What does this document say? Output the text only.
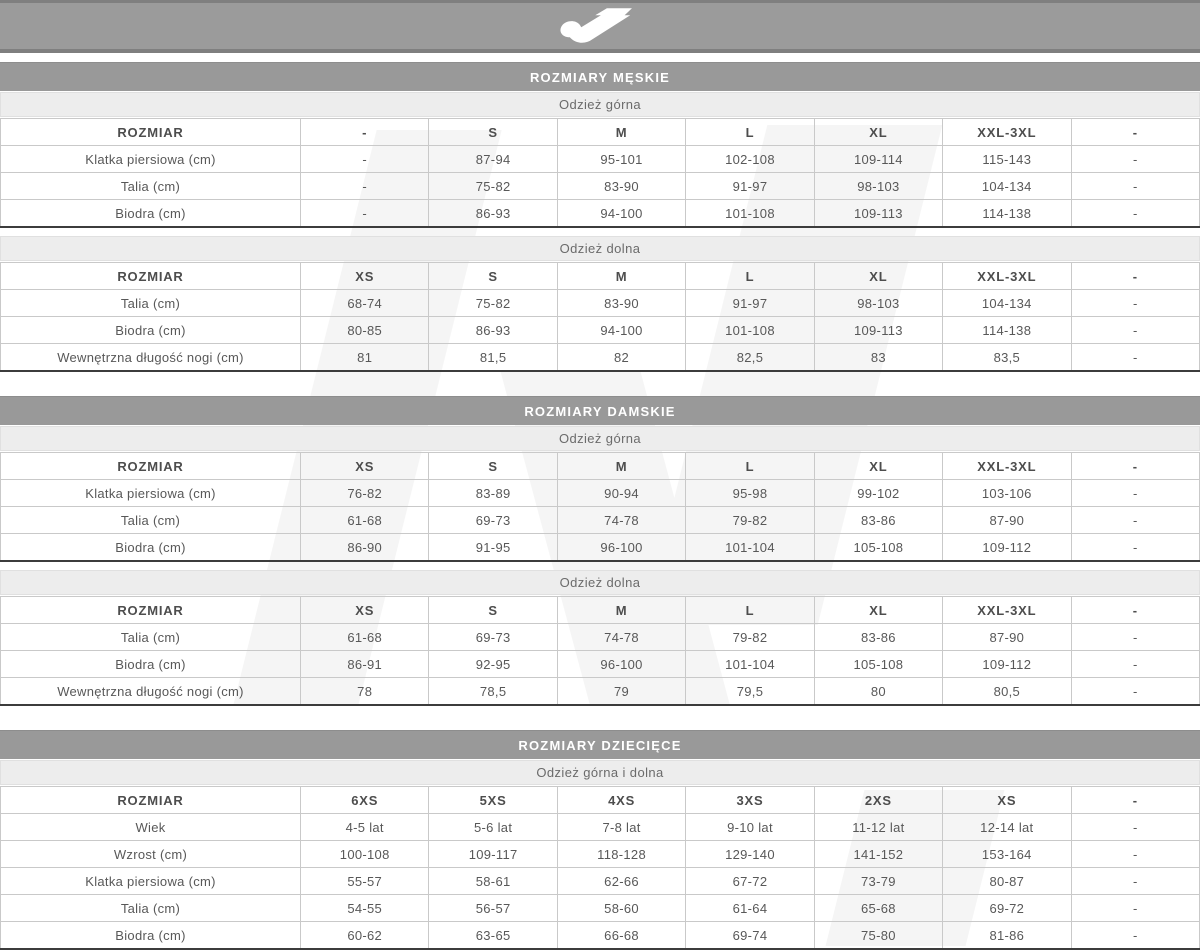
ROZMIARY MĘSKIE
Odzież górna
ROZMIAR	-	S	M	L	XL	XXL-3XL	-
Klatka piersiowa (cm)	-	87-94	95-101	102-108	109-114	115-143	-
Talia (cm)	-	75-82	83-90	91-97	98-103	104-134	-
Biodra (cm)	-	86-93	94-100	101-108	109-113	114-138	-
Odzież dolna
ROZMIAR	XS	S	M	L	XL	XXL-3XL	-
Talia (cm)	68-74	75-82	83-90	91-97	98-103	104-134	-
Biodra (cm)	80-85	86-93	94-100	101-108	109-113	114-138	-
Wewnętrzna długość nogi (cm)	81	81,5	82	82,5	83	83,5	-
ROZMIARY DAMSKIE
Odzież górna
ROZMIAR	XS	S	M	L	XL	XXL-3XL	-
Klatka piersiowa (cm)	76-82	83-89	90-94	95-98	99-102	103-106	-
Talia (cm)	61-68	69-73	74-78	79-82	83-86	87-90	-
Biodra (cm)	86-90	91-95	96-100	101-104	105-108	109-112	-
Odzież dolna
ROZMIAR	XS	S	M	L	XL	XXL-3XL	-
Talia (cm)	61-68	69-73	74-78	79-82	83-86	87-90	-
Biodra (cm)	86-91	92-95	96-100	101-104	105-108	109-112	-
Wewnętrzna długość nogi (cm)	78	78,5	79	79,5	80	80,5	-
ROZMIARY DZIECIĘCE
Odzież górna i dolna
ROZMIAR	6XS	5XS	4XS	3XS	2XS	XS	-
Wiek	4-5 lat	5-6 lat	7-8 lat	9-10 lat	11-12 lat	12-14 lat	-
Wzrost (cm)	100-108	109-117	118-128	129-140	141-152	153-164	-
Klatka piersiowa (cm)	55-57	58-61	62-66	67-72	73-79	80-87	-
Talia (cm)	54-55	56-57	58-60	61-64	65-68	69-72	-
Biodra (cm)	60-62	63-65	66-68	69-74	75-80	81-86	-
